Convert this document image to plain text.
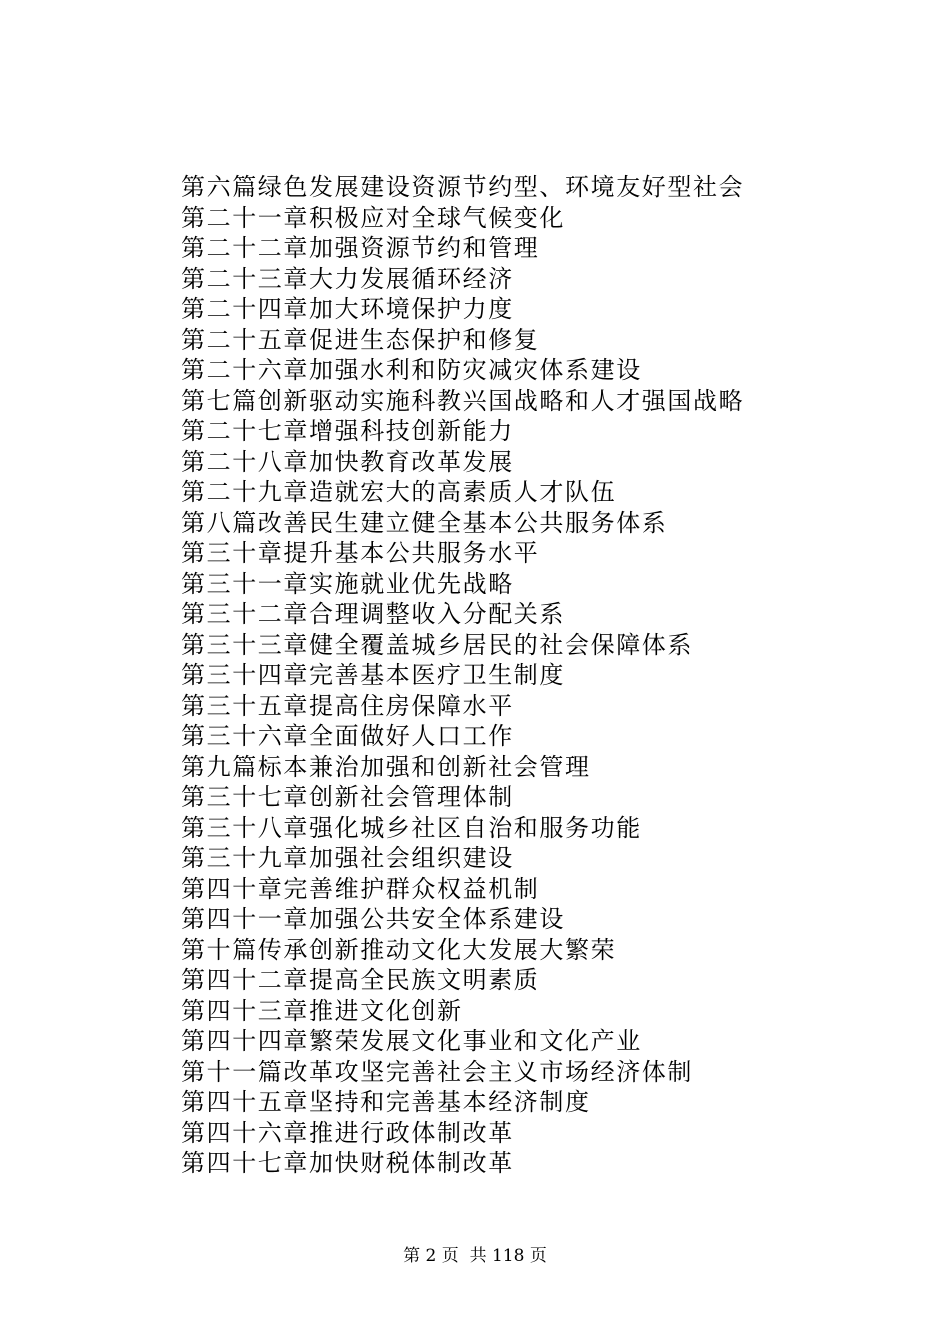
第六篇绿色发展建设资源节约型、环境友好型社会
第二十一章积极应对全球气候变化
第二十二章加强资源节约和管理
第二十三章大力发展循环经济
第二十四章加大环境保护力度
第二十五章促进生态保护和修复
第二十六章加强水利和防灾减灾体系建设
第七篇创新驱动实施科教兴国战略和人才强国战略
第二十七章增强科技创新能力
第二十八章加快教育改革发展
第二十九章造就宏大的高素质人才队伍
第八篇改善民生建立健全基本公共服务体系
第三十章提升基本公共服务水平
第三十一章实施就业优先战略
第三十二章合理调整收入分配关系
第三十三章健全覆盖城乡居民的社会保障体系
第三十四章完善基本医疗卫生制度
第三十五章提高住房保障水平
第三十六章全面做好人口工作
第九篇标本兼治加强和创新社会管理
第三十七章创新社会管理体制
第三十八章强化城乡社区自治和服务功能
第三十九章加强社会组织建设
第四十章完善维护群众权益机制
第四十一章加强公共安全体系建设
第十篇传承创新推动文化大发展大繁荣
第四十二章提高全民族文明素质
第四十三章推进文化创新
第四十四章繁荣发展文化事业和文化产业
第十一篇改革攻坚完善社会主义市场经济体制
第四十五章坚持和完善基本经济制度
第四十六章推进行政体制改革
第四十七章加快财税体制改革
第 2 页  共 118 页
